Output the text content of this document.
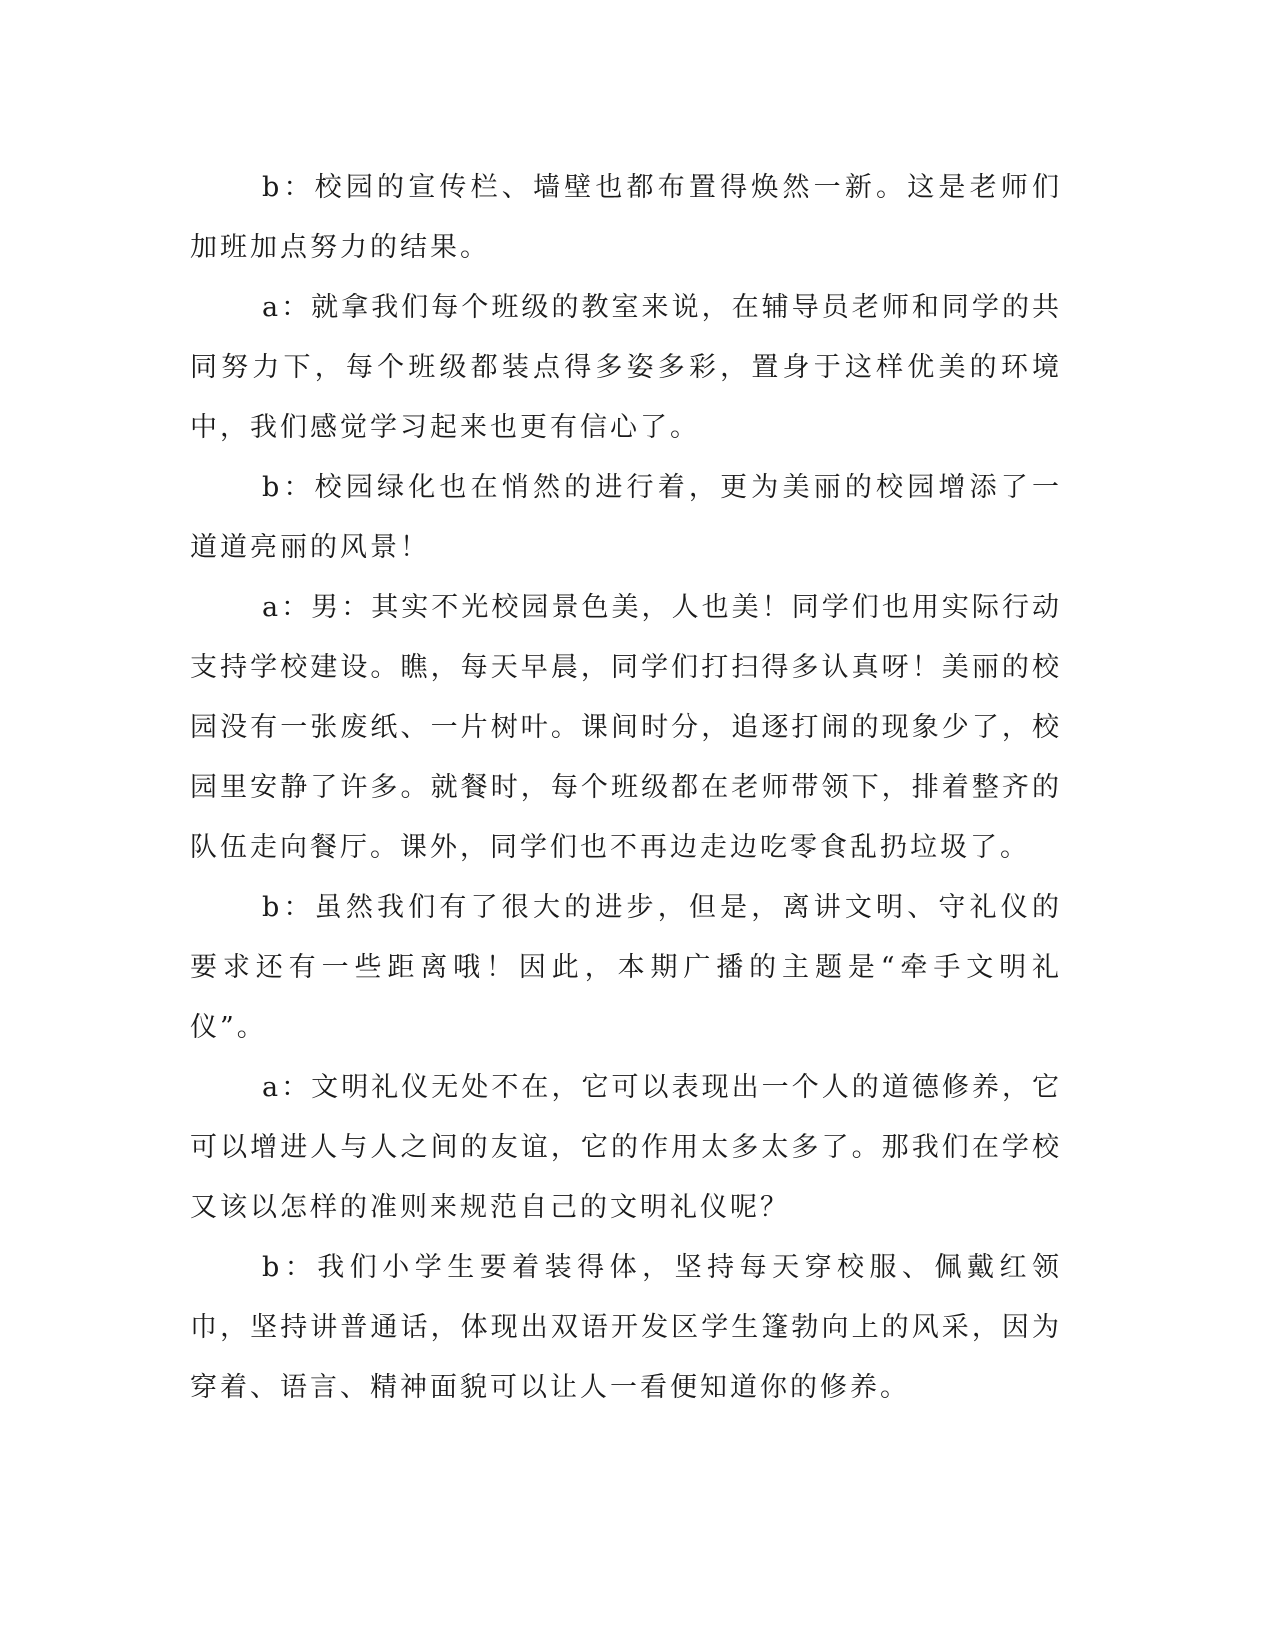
b：校园的宣传栏、墙壁也都布置得焕然一新。这是老师们加班加点努力的结果。

a：就拿我们每个班级的教室来说，在辅导员老师和同学的共同努力下，每个班级都装点得多姿多彩，置身于这样优美的环境中，我们感觉学习起来也更有信心了。

b：校园绿化也在悄然的进行着，更为美丽的校园增添了一道道亮丽的风景！

a：男：其实不光校园景色美，人也美！同学们也用实际行动支持学校建设。瞧，每天早晨，同学们打扫得多认真呀！美丽的校园没有一张废纸、一片树叶。课间时分，追逐打闹的现象少了，校园里安静了许多。就餐时，每个班级都在老师带领下，排着整齐的队伍走向餐厅。课外，同学们也不再边走边吃零食乱扔垃圾了。

b：虽然我们有了很大的进步，但是，离讲文明、守礼仪的要求还有一些距离哦！因此，本期广播的主题是“牵手文明礼仪”。

a：文明礼仪无处不在，它可以表现出一个人的道德修养，它可以增进人与人之间的友谊，它的作用太多太多了。那我们在学校又该以怎样的准则来规范自己的文明礼仪呢？

b：我们小学生要着装得体，坚持每天穿校服、佩戴红领巾，坚持讲普通话，体现出双语开发区学生篷勃向上的风采，因为穿着、语言、精神面貌可以让人一看便知道你的修养。
